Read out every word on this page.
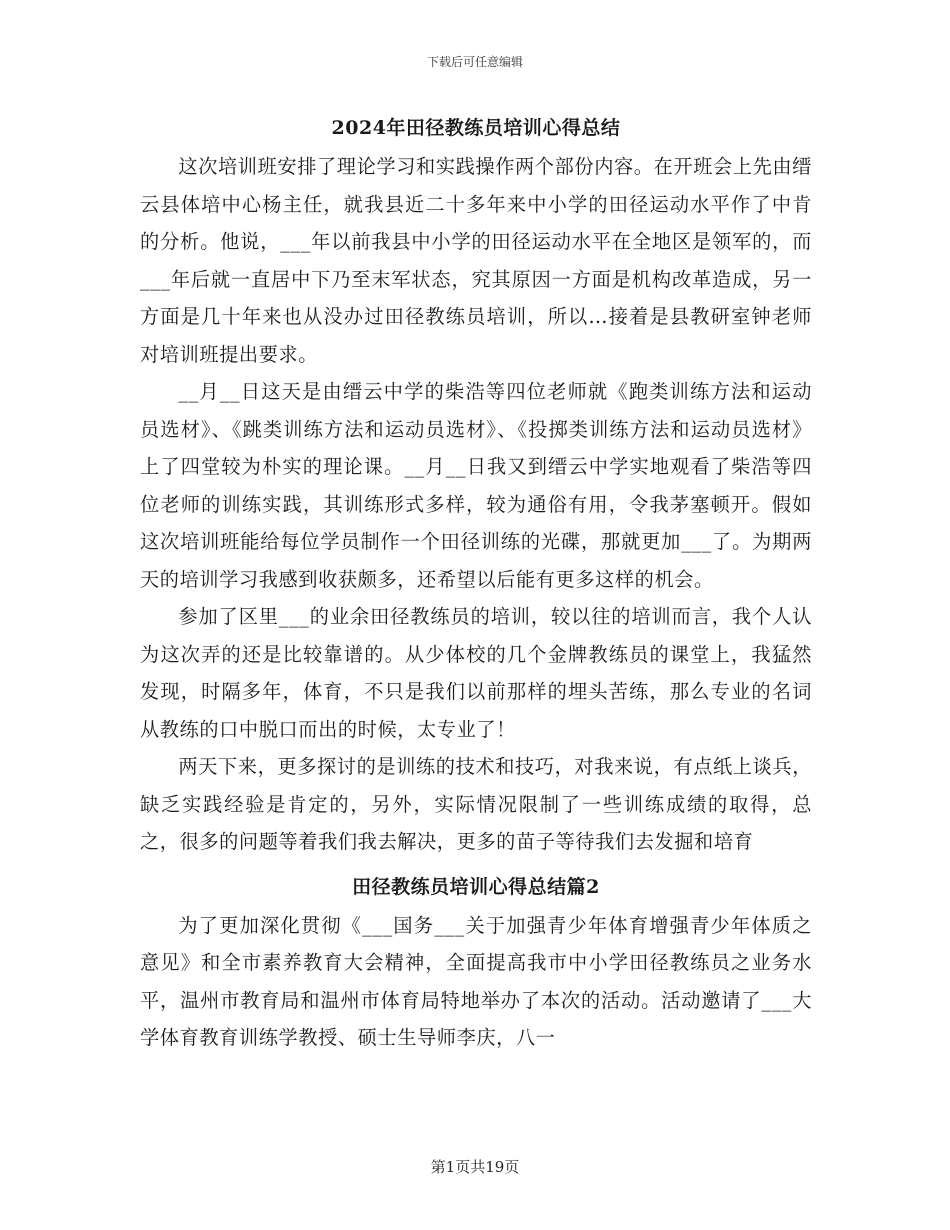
下载后可任意编辑
2024年田径教练员培训心得总结

这次培训班安排了理论学习和实践操作两个部份内容。在开班会上先由缙云县体培中心杨主任，就我县近二十多年来中小学的田径运动水平作了中肯的分析。他说，___年以前我县中小学的田径运动水平在全地区是领军的，而___年后就一直居中下乃至末军状态，究其原因一方面是机构改革造成，另一方面是几十年来也从没办过田径教练员培训，所以…接着是县教研室钟老师对培训班提出要求。

__月__日这天是由缙云中学的柴浩等四位老师就《跑类训练方法和运动员选材》、《跳类训练方法和运动员选材》、《投掷类训练方法和运动员选材》上了四堂较为朴实的理论课。__月__日我又到缙云中学实地观看了柴浩等四位老师的训练实践，其训练形式多样，较为通俗有用，令我茅塞顿开。假如这次培训班能给每位学员制作一个田径训练的光碟，那就更加___了。为期两天的培训学习我感到收获颇多，还希望以后能有更多这样的机会。

参加了区里___的业余田径教练员的培训，较以往的培训而言，我个人认为这次弄的还是比较靠谱的。从少体校的几个金牌教练员的课堂上，我猛然发现，时隔多年，体育，不只是我们以前那样的埋头苦练，那么专业的名词从教练的口中脱口而出的时候，太专业了！

两天下来，更多探讨的是训练的技术和技巧，对我来说，有点纸上谈兵，缺乏实践经验是肯定的，另外，实际情况限制了一些训练成绩的取得，总之，很多的问题等着我们我去解决，更多的苗子等待我们去发掘和培育

田径教练员培训心得总结篇2

为了更加深化贯彻《___国务___关于加强青少年体育增强青少年体质之意见》和全市素养教育大会精神，全面提高我市中小学田径教练员之业务水平，温州市教育局和温州市体育局特地举办了本次的活动。活动邀请了___大学体育教育训练学教授、硕士生导师李庆，八一

第1页共19页
